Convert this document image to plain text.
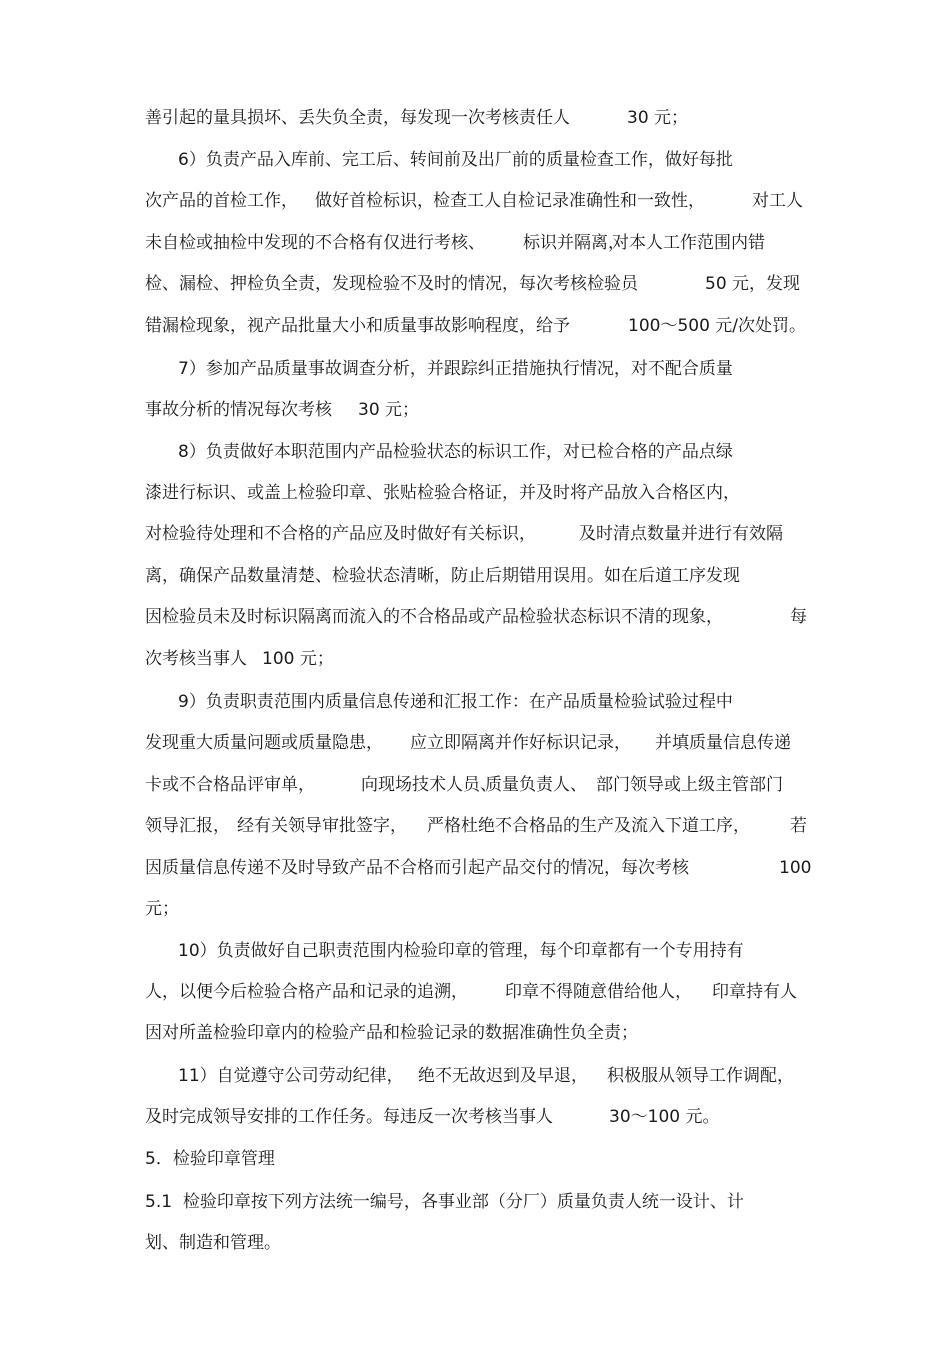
善引起的量具损坏、丢失负全责，每发现一次考核责任人	30 元；
6）负责产品入库前、完工后、转间前及出厂前的质量检查工作，做好每批
次产品的首检工作， 做好首检标识， 检查工人自检记录准确性和一致性，	对工人
未自检或抽检中发现的不合格有仅进行考核、 标识并隔离，
对本人工作范围内错
检、漏检、押检负全责，发现检验不及时的情况，每次考核检验员	50 元，发现
错漏检现象，视产品批量大小和质量事故影响程度，给予	100～500 元/次处罚。
7）参加产品质量事故调查分析，并跟踪纠正措施执行情况，对不配合质量
事故分析的情况每次考核 30 元；
8）负责做好本职范围内产品检验状态的标识工作，对已检合格的产品点绿
漆进行标识、或盖上检验印章、张贴检验合格证，并及时将产品放入合格区内，
对检验待处理和不合格的产品应及时做好有关标识，	及时清点数量并进行有效隔
离，确保产品数量清楚、检验状态清晰，防止后期错用误用。如在后道工序发现
因检验员未及时标识隔离而流入的不合格品或产品检验状态标识不清的现象，	每
次考核当事人 100 元；
9）负责职责范围内质量信息传递和汇报工作：在产品质量检验试验过程中
发现重大质量问题或质量隐患， 应立即隔离并作好标识记录， 并填质量信息传递
卡或不合格品评审单，	向现场技术人员、
质量负责人、 部门领导或上级主管部门
领导汇报， 经有关领导审批签字， 严格杜绝不合格品的生产及流入下道工序， 若
因质量信息传递不及时导致产品不合格而引起产品交付的情况，每次考核	100
元；
10）负责做好自己职责范围内检验印章的管理，每个印章都有一个专用持有
人，以便今后检验合格产品和记录的追溯， 印章不得随意借给他人， 印章持有人
因对所盖检验印章内的检验产品和检验记录的数据准确性负全责；
11）自觉遵守公司劳动纪律， 绝不无故迟到及早退， 积极服从领导工作调配，
及时完成领导安排的工作任务。每违反一次考核当事人	30～100 元。
5．检验印章管理
5.1  检验印章按下列方法统一编号，各事业部（分厂）质量负责人统一设计、计
划、制造和管理。
